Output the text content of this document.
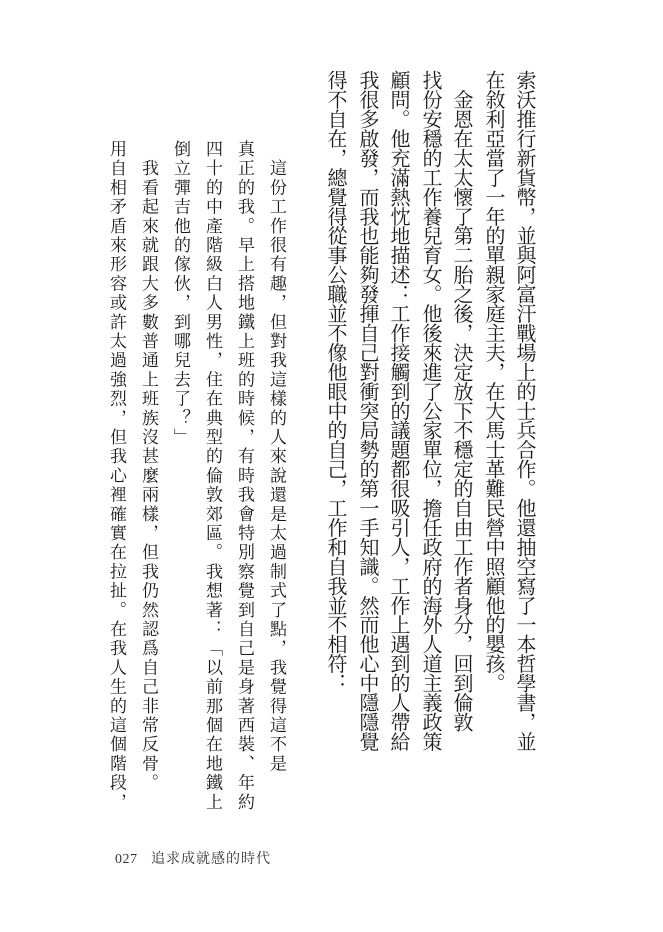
索沃推行新貨幣，並與阿富汗戰場上的士兵合作。他還抽空寫了一本哲學書，並
在敘利亞當了一年的單親家庭主夫，在大馬士革難民營中照顧他的嬰孩。
　金恩在太太懷了第二胎之後，決定放下不穩定的自由工作者身分，回到倫敦
找份安穩的工作養兒育女。他後來進了公家單位，擔任政府的海外人道主義政策
顧問。他充滿熱忱地描述：工作接觸到的議題都很吸引人，工作上遇到的人帶給
我很多啟發，而我也能夠發揮自己對衝突局勢的第一手知識。然而他心中隱隱覺
得不自在，總覺得從事公職並不像他眼中的自己，工作和自我並不相符：
　這份工作很有趣，但對我這樣的人來說還是太過制式了點，我覺得這不是
真正的我。早上搭地鐵上班的時候，有時我會特別察覺到自己是身著西裝、年約
四十的中產階級白人男性，住在典型的倫敦郊區。我想著：「以前那個在地鐵上
倒立彈吉他的傢伙，到哪兒去了？」
　我看起來就跟大多數普通上班族沒甚麼兩樣，但我仍然認爲自己非常反骨。
用自相矛盾來形容或許太過強烈，但我心裡確實在拉扯。在我人生的這個階段，
027 追求成就感的時代
